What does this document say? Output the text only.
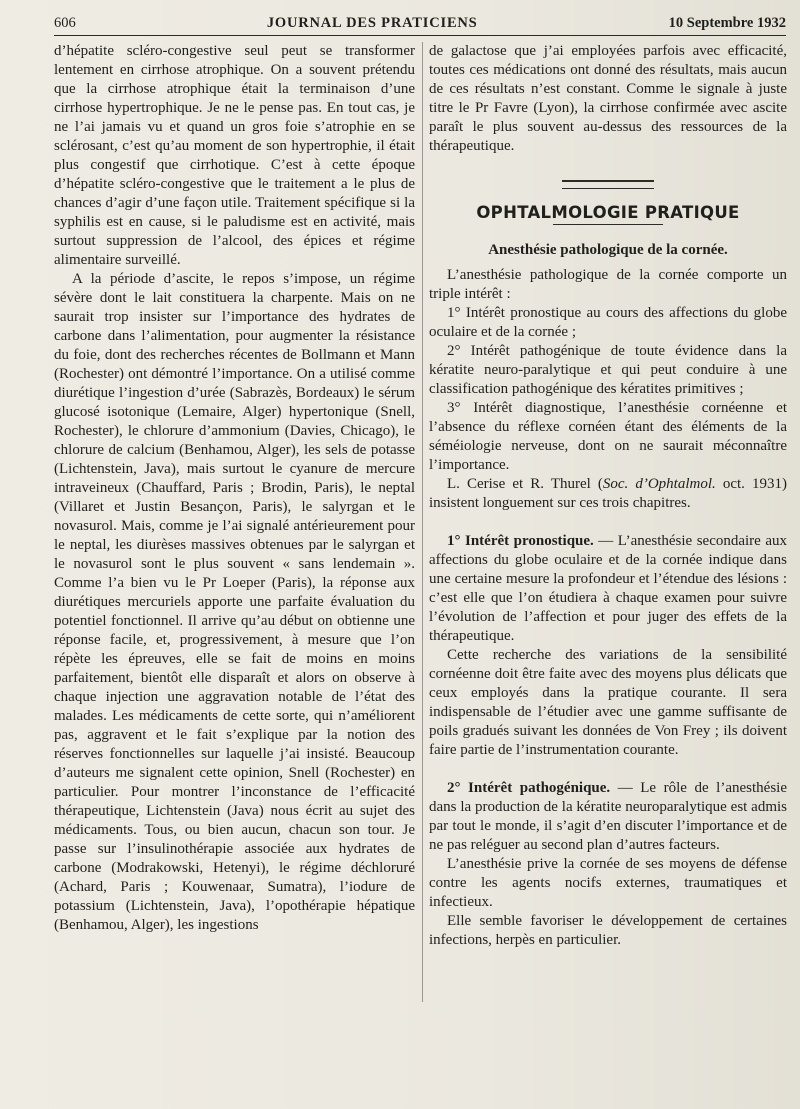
606	JOURNAL DES PRATICIENS	10 Septembre 1932

d’hépatite scléro-congestive seul peut se transformer lentement en cirrhose atrophique. On a souvent prétendu que la cirrhose atrophique était la terminaison d’une cirrhose hypertrophique. Je ne le pense pas. En tout cas, je ne l’ai jamais vu et quand un gros foie s’atrophie en se sclérosant, c’est qu’au moment de son hypertrophie, il était plus congestif que cirrhotique. C’est à cette époque d’hépatite scléro-congestive que le traitement a le plus de chances d’agir d’une façon utile. Traitement spécifique si la syphilis est en cause, si le paludisme est en activité, mais surtout suppression de l’alcool, des épices et régime alimentaire surveillé.

A la période d’ascite, le repos s’impose, un régime sévère dont le lait constituera la charpente. Mais on ne saurait trop insister sur l’importance des hydrates de carbone dans l’alimentation, pour augmenter la résistance du foie, dont des recherches récentes de Bollmann et Mann (Rochester) ont démontré l’importance. On a utilisé comme diurétique l’ingestion d’urée (Sabrazès, Bordeaux) le sérum glucosé isotonique (Lemaire, Alger) hypertonique (Snell, Rochester), le chlorure d’ammonium (Davies, Chicago), le chlorure de calcium (Benhamou, Alger), les sels de potasse (Lichtenstein, Java), mais surtout le cyanure de mercure intraveineux (Chauffard, Paris ; Brodin, Paris), le neptal (Villaret et Justin Besançon, Paris), le salyrgan et le novasurol. Mais, comme je l’ai signalé antérieurement pour le neptal, les diurèses massives obtenues par le salyrgan et le novasurol sont le plus souvent « sans lendemain ». Comme l’a bien vu le Pr Loeper (Paris), la réponse aux diurétiques mercuriels apporte une parfaite évaluation du potentiel fonctionnel. Il arrive qu’au début on obtienne une réponse facile, et, progressivement, à mesure que l’on répète les épreuves, elle se fait de moins en moins parfaitement, bientôt elle disparaît et alors on observe à chaque injection une aggravation notable de l’état des malades. Les médicaments de cette sorte, qui n’améliorent pas, aggravent et le fait s’explique par la notion des réserves fonctionnelles sur laquelle j’ai insisté. Beaucoup d’auteurs me signalent cette opinion, Snell (Rochester) en particulier. Pour montrer l’inconstance de l’efficacité thérapeutique, Lichtenstein (Java) nous écrit au sujet des médicaments. Tous, ou bien aucun, chacun son tour. Je passe sur l’insulinothérapie associée aux hydrates de carbone (Modrakowski, Hetenyi), le régime déchloruré (Achard, Paris ; Kouwenaar, Sumatra), l’iodure de potassium (Lichtenstein, Java), l’opothérapie hépatique (Benhamou, Alger), les ingestions

de galactose que j’ai employées parfois avec efficacité, toutes ces médications ont donné des résultats, mais aucun de ces résultats n’est constant. Comme le signale à juste titre le Pr Favre (Lyon), la cirrhose confirmée avec ascite paraît le plus souvent au-dessus des ressources de la thérapeutique.

OPHTALMOLOGIE PRATIQUE
Anesthésie pathologique de la cornée.

L’anesthésie pathologique de la cornée comporte un triple intérêt :

1° Intérêt pronostique au cours des affections du globe oculaire et de la cornée ;

2° Intérêt pathogénique de toute évidence dans la kératite neuro-paralytique et qui peut conduire à une classification pathogénique des kératites primitives ;

3° Intérêt diagnostique, l’anesthésie cornéenne et l’absence du réflexe cornéen étant des éléments de la séméiologie nerveuse, dont on ne saurait méconnaître l’importance.

L. Cerise et R. Thurel (Soc. d’Ophtalmol. oct. 1931) insistent longuement sur ces trois chapitres.

1° Intérêt pronostique. — L’anesthésie secondaire aux affections du globe oculaire et de la cornée indique dans une certaine mesure la profondeur et l’étendue des lésions : c’est elle que l’on étudiera à chaque examen pour suivre l’évolution de l’affection et pour juger des effets de la thérapeutique.

Cette recherche des variations de la sensibilité cornéenne doit être faite avec des moyens plus délicats que ceux employés dans la pratique courante. Il sera indispensable de l’étudier avec une gamme suffisante de poils gradués suivant les données de Von Frey ; ils doivent faire partie de l’instrumentation courante.

2° Intérêt pathogénique. — Le rôle de l’anesthésie dans la production de la kératite neuroparalytique est admis par tout le monde, il s’agit d’en discuter l’importance et de ne pas reléguer au second plan d’autres facteurs.

L’anesthésie prive la cornée de ses moyens de défense contre les agents nocifs externes, traumatiques et infectieux.

Elle semble favoriser le développement de certaines infections, herpès en particulier.
